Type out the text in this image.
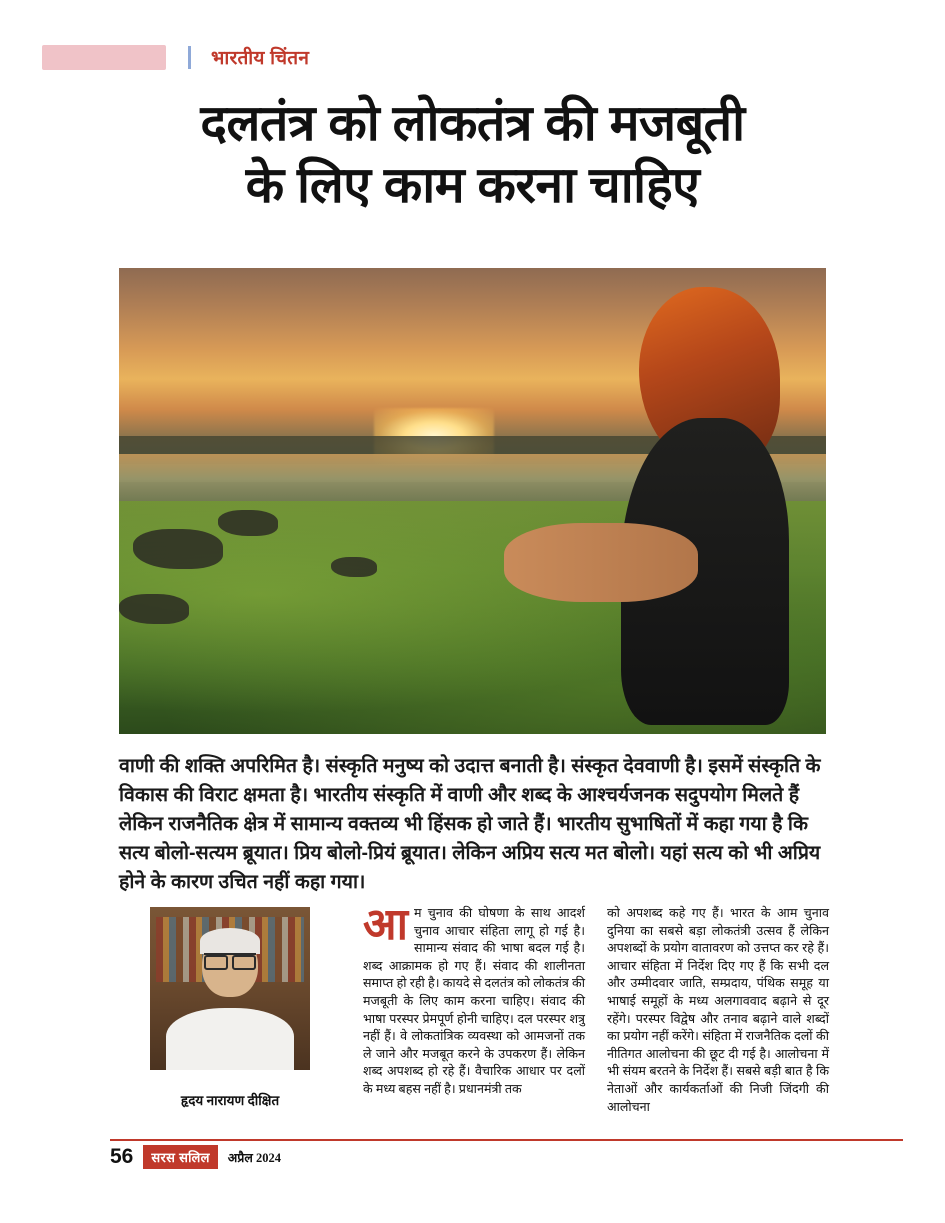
भारतीय चिंतन
दलतंत्र को लोकतंत्र की मजबूती
के लिए काम करना चाहिए
वाणी की शक्ति अपरिमित है। संस्कृति मनुष्य को उदात्त बनाती है। संस्कृत देववाणी है। इसमें संस्कृति के विकास की विराट क्षमता है। भारतीय संस्कृति में वाणी और शब्द के आश्चर्यजनक सदुपयोग मिलते हैं लेकिन राजनैतिक क्षेत्र में सामान्य वक्तव्य भी हिंसक हो जाते हैं। भारतीय सुभाषितों में कहा गया है कि सत्य बोलो-सत्यम ब्रूयात। प्रिय बोलो-प्रियं ब्रूयात। लेकिन अप्रिय सत्य मत बोलो। यहां सत्य को भी अप्रिय होने के कारण उचित नहीं कहा गया।
हृदय नारायण दीक्षित

आम चुनाव की घोषणा के साथ आदर्श चुनाव आचार संहिता लागू हो गई है। सामान्य संवाद की भाषा बदल गई है। शब्द आक्रामक हो गए हैं। संवाद की शालीनता समाप्त हो रही है। कायदे से दलतंत्र को लोकतंत्र की मजबूती के लिए काम करना चाहिए। संवाद की भाषा परस्पर प्रेमपूर्ण होनी चाहिए। दल परस्पर शत्रु नहीं हैं। वे लोकतांत्रिक व्यवस्था को आमजनों तक ले जाने और मजबूत करने के उपकरण हैं। लेकिन शब्द अपशब्द हो रहे हैं। वैचारिक आधार पर दलों के मध्य बहस नहीं है। प्रधानमंत्री तक

को अपशब्द कहे गए हैं। भारत के आम चुनाव दुनिया का सबसे बड़ा लोकतंत्री उत्सव हैं लेकिन अपशब्दों के प्रयोग वातावरण को उत्तप्त कर रहे हैं। आचार संहिता में निर्देश दिए गए हैं कि सभी दल और उम्मीदवार जाति, सम्प्रदाय, पंथिक समूह या भाषाई समूहों के मध्य अलगाववाद बढ़ाने से दूर रहेंगे। परस्पर विद्वेष और तनाव बढ़ाने वाले शब्दों का प्रयोग नहीं करेंगे। संहिता में राजनैतिक दलों की नीतिगत आलोचना की छूट दी गई है। आलोचना में भी संयम बरतने के निर्देश हैं। सबसे बड़ी बात है कि नेताओं और कार्यकर्ताओं की निजी जिंदगी की आलोचना

56	सरस सलिल	अप्रैल 2024
